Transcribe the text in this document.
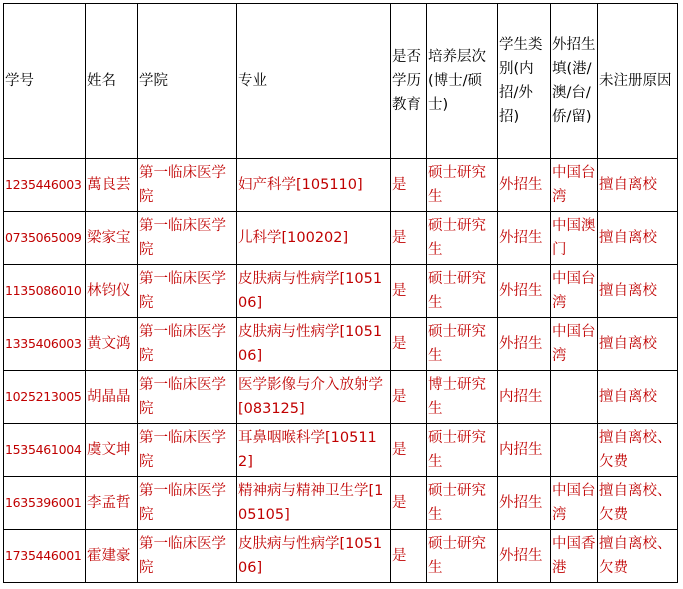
学号	姓名	学院	专业	是否学历教育	培养层次(博士/硕士)	学生类别(内招/外招)	外招生填(港/澳/台/侨/留)	未注册原因
1235446003	萬良芸	第一临床医学院	妇产科学[105110]	是	硕士研究生	外招生	中国台湾	擅自离校
0735065009	梁家宝	第一临床医学院	儿科学[100202]	是	硕士研究生	外招生	中国澳门	擅自离校
1135086010	林钧仪	第一临床医学院	皮肤病与性病学[105106]	是	硕士研究生	外招生	中国台湾	擅自离校
1335406003	黄文鸿	第一临床医学院	皮肤病与性病学[105106]	是	硕士研究生	外招生	中国台湾	擅自离校
1025213005	胡晶晶	第一临床医学院	医学影像与介入放射学[083125]	是	博士研究生	内招生		擅自离校
1535461004	虞文坤	第一临床医学院	耳鼻咽喉科学[105112]	是	硕士研究生	内招生		擅自离校、欠费
1635396001	李孟哲	第一临床医学院	精神病与精神卫生学[105105]	是	硕士研究生	外招生	中国台湾	擅自离校、欠费
1735446001	霍建豪	第一临床医学院	皮肤病与性病学[105106]	是	硕士研究生	外招生	中国香港	擅自离校、欠费
